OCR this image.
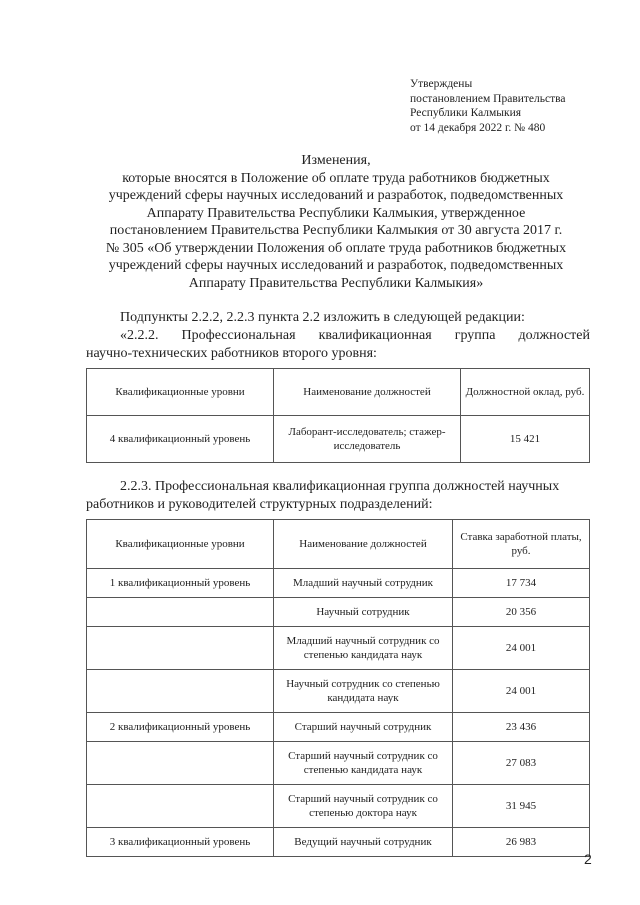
Утверждены
постановлением Правительства
Республики Калмыкия
от 14 декабря 2022 г. № 480
Изменения,
которые вносятся в Положение об оплате труда работников бюджетных
учреждений сферы научных исследований и разработок, подведомственных
Аппарату Правительства Республики Калмыкия, утвержденное
постановлением Правительства Республики Калмыкия от 30 августа 2017 г.
№ 305 «Об утверждении Положения об оплате труда работников бюджетных
учреждений сферы научных исследований и разработок, подведомственных
Аппарату Правительства Республики Калмыкия»
Подпункты 2.2.2, 2.2.3 пункта 2.2 изложить в следующей редакции:
«2.2.2. Профессиональная квалификационная группа должностей
научно-технических работников второго уровня:
Квалификационные уровни	Наименование должностей	Должностной оклад, руб.
4 квалификационный уровень	Лаборант-исследователь; стажер-исследователь	15 421
2.2.3. Профессиональная квалификационная группа должностей научных
работников и руководителей структурных подразделений:
Квалификационные уровни	Наименование должностей	Ставка заработной платы, руб.
1 квалификационный уровень	Младший научный сотрудник	17 734
	Научный сотрудник	20 356
	Младший научный сотрудник со степенью кандидата наук	24 001
	Научный сотрудник со степенью кандидата наук	24 001
2 квалификационный уровень	Старший научный сотрудник	23 436
	Старший научный сотрудник со степенью кандидата наук	27 083
	Старший научный сотрудник со степенью доктора наук	31 945
3 квалификационный уровень	Ведущий научный сотрудник	26 983
2
